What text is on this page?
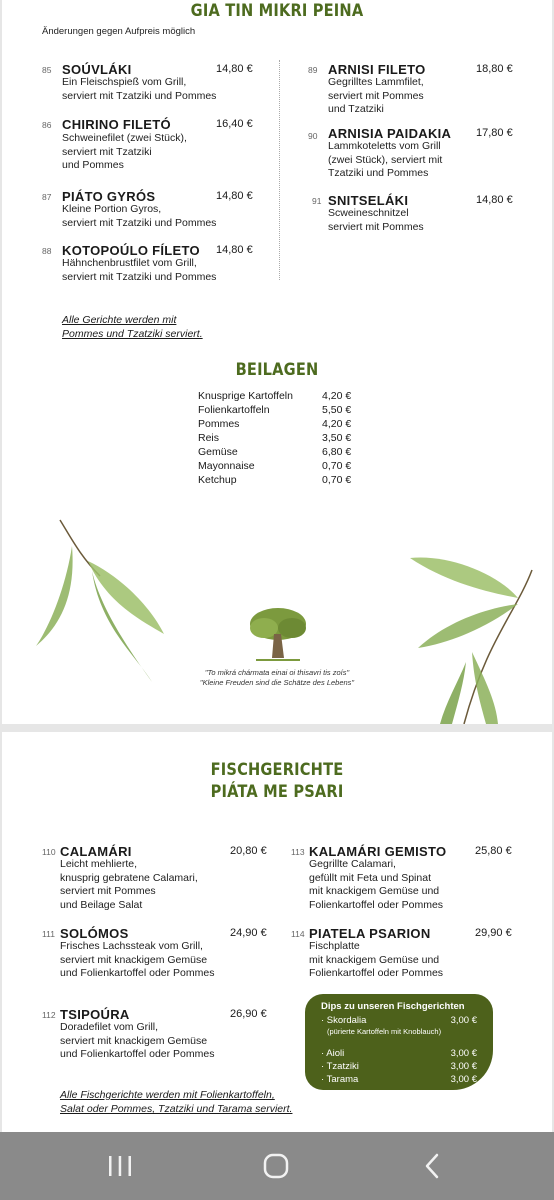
GIA TIN MIKRI PEINA
Änderungen gegen Aufpreis möglich
85 SOÚVLÁKI	14,80 €
Ein Fleischspieß vom Grill,
serviert mit Tzatziki und Pommes
86 CHIRINO FILETÓ	16,40 €
Schweinefilet (zwei Stück),
serviert mit Tzatziki
und Pommes
87 PIÁTO GYRÓS	14,80 €
Kleine Portion Gyros,
serviert mit Tzatziki und Pommes
88 KOTOPOÚLO FÍLETO 14,80 €
Hähnchenbrustfilet vom Grill,
serviert mit Tzatziki und Pommes
89 ARNISI FILETO	18,80 €
Gegrilltes Lammfilet,
serviert mit Pommes
und Tzatziki
90 ARNISIA PAIDAKIA 17,80 €
Lammkoteletts vom Grill
(zwei Stück), serviert mit
Tzatziki und Pommes
91 SNITSELÁKI	14,80 €
Scweineschnitzel
serviert mit Pommes
Alle Gerichte werden mit
Pommes und Tzatziki serviert.
BEILAGEN
Knusprige Kartoffeln	4,20 €
Folienkartoffeln	5,50 €
Pommes	4,20 €
Reis	3,50 €
Gemüse	6,80 €
Mayonnaise	0,70 €
Ketchup	0,70 €
"To mikrá chármata einai oi thisavri tis zoís"
"Kleine Freuden sind die Schätze des Lebens"
FISCHGERICHTE
PIÁTA ME PSARI
110 CALAMÁRI	20,80 €
Leicht mehlierte,
knusprig gebratene Calamari,
serviert mit Pommes
und Beilage Salat
111 SOLÓMOS	24,90 €
Frisches Lachssteak vom Grill,
serviert mit knackigem Gemüse
und Folienkartoffel oder Pommes
112 TSIPOÚRA	26,90 €
Doradefilet vom Grill,
serviert mit knackigem Gemüse
und Folienkartoffel oder Pommes
113 KALAMÁRI GEMISTO	25,80 €
Gegrillte Calamari,
gefüllt mit Feta und Spinat
mit knackigem Gemüse und
Folienkartoffel oder Pommes
114 PIATELA PSARION	29,90 €
Fischplatte
mit knackigem Gemüse und
Folienkartoffel oder Pommes
Dips zu unseren Fischgerichten
· Skordalia	3,00 €
(pürierte Kartoffeln mit Knoblauch)
· Aioli	3,00 €
· Tzatziki	3,00 €
· Tarama	3,00 €
Alle Fischgerichte werden mit Folienkartoffeln,
Salat oder Pommes, Tzatziki und Tarama serviert.
